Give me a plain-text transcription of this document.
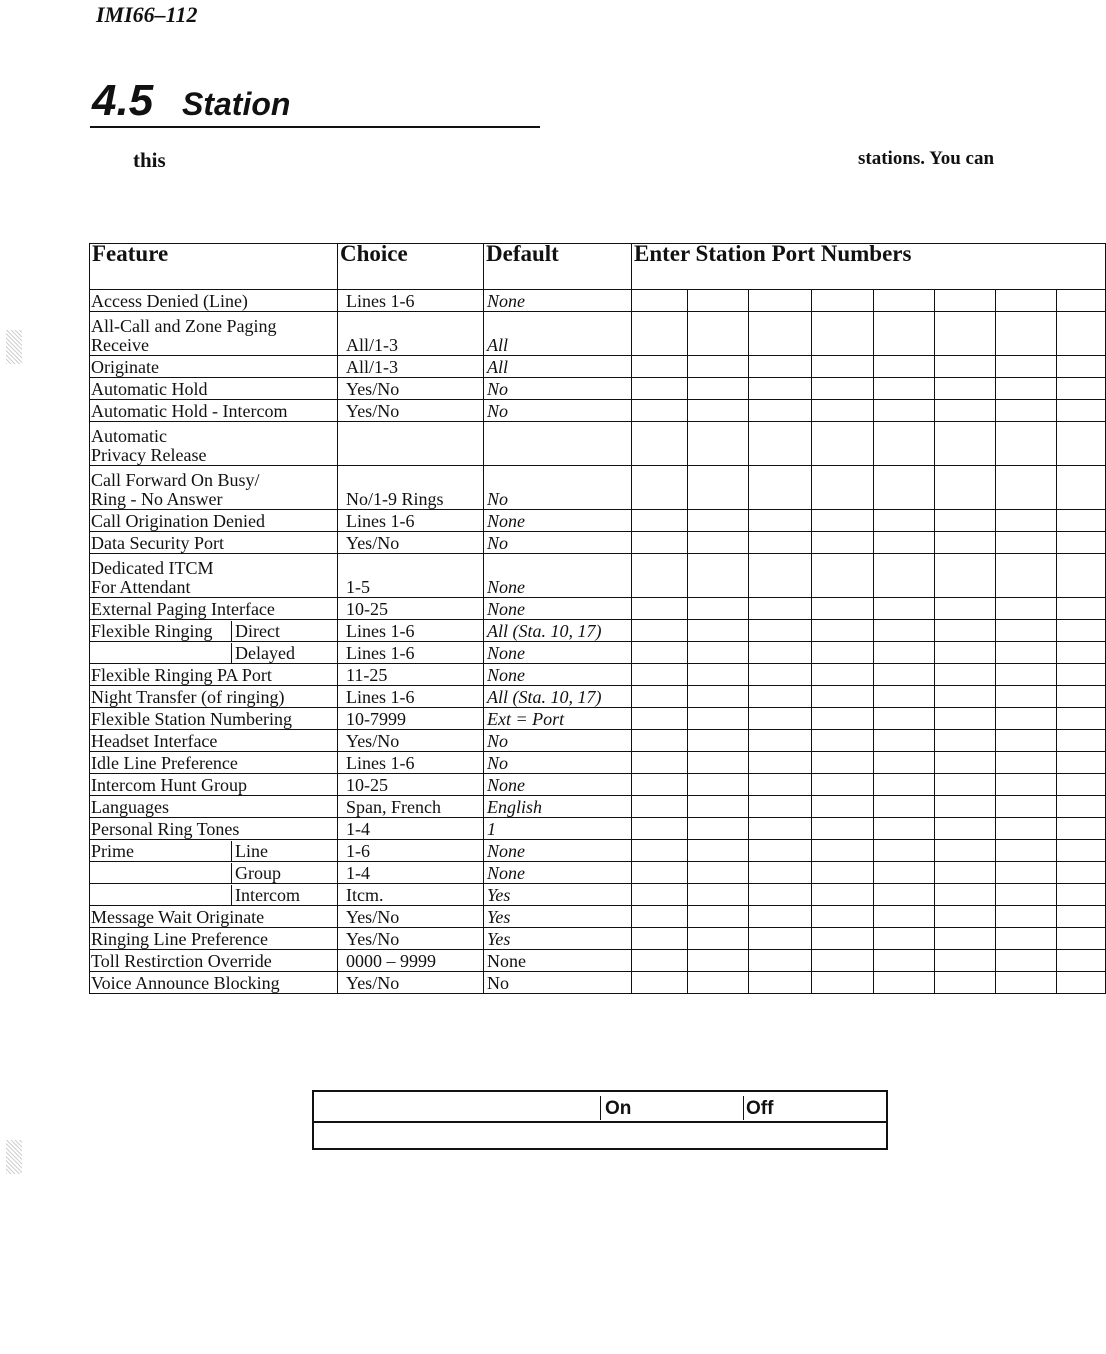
IMI66–112
4.5 Station
this	stations. You can
Feature	Choice	Default	Enter Station Port Numbers							
Access Denied (Line)	Lines 1-6	None								

All-Call and Zone Paging
Receive	All/1-3	All								
Originate	All/1-3	All								
Automatic Hold	Yes/No	No								
Automatic Hold - Intercom	Yes/No	No								

Automatic
Privacy Release										

Call Forward On Busy/
Ring - No Answer	No/1-9 Rings	No								
Call Origination Denied	Lines 1-6	None								
Data Security Port	Yes/No	No								

Dedicated ITCM
For Attendant	1-5	None								
External Paging Interface	10-25	None								
Flexible Ringing Direct	Lines 1-6	All (Sta. 10, 17)								
Delayed	Lines 1-6	None								
Flexible Ringing PA Port	11-25	None								
Night Transfer (of ringing)	Lines 1-6	All (Sta. 10, 17)								
Flexible Station Numbering	10-7999	Ext = Port								
Headset Interface	Yes/No	No								
Idle Line Preference	Lines 1-6	No								
Intercom Hunt Group	10-25	None								
Languages	Span, French	English								
Personal Ring Tones	1-4	1								
Prime Line	1-6	None								
Group	1-4	None								
Intercom	Itcm.	Yes								
Message Wait Originate	Yes/No	Yes								
Ringing Line Preference	Yes/No	Yes								
Toll Restirction Override	0000 – 9999	None								
Voice Announce Blocking	Yes/No	No								
On	Off
